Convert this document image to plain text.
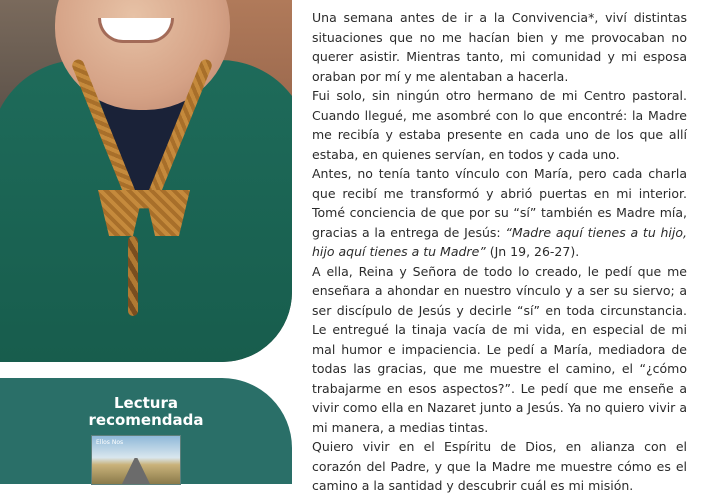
Lectura
recomendada
Ellos Nos

Una semana antes de ir a la Convivencia*, viví distintas situaciones que no me hacían bien y me provocaban no querer asistir. Mientras tanto, mi comunidad y mi esposa oraban por mí y me alentaban a hacerla.

Fui solo, sin ningún otro hermano de mi Centro pastoral. Cuando llegué, me asombré con lo que encontré: la Madre me recibía y estaba presente en cada uno de los que allí estaba, en quienes servían, en todos y cada uno.

Antes, no tenía tanto vínculo con María, pero cada charla que recibí me transformó y abrió puertas en mi interior. Tomé conciencia de que por su “sí” también es Madre mía, gracias a la entrega de Jesús: “Madre aquí tienes a tu hijo, hijo aquí tienes a tu Madre” (Jn 19, 26-27).

A ella, Reina y Señora de todo lo creado, le pedí que me enseñara a ahondar en nuestro vínculo y a ser su siervo; a ser discípulo de Jesús y decirle “sí” en toda circunstancia. Le entregué la tinaja vacía de mi vida, en especial de mi mal humor e impaciencia. Le pedí a María, mediadora de todas las gracias, que me muestre el camino, el “¿cómo trabajarme en esos aspectos?”. Le pedí que me enseñe a vivir como ella en Nazaret junto a Jesús. Ya no quiero vivir a mi manera, a medias tintas.

Quiero vivir en el Espíritu de Dios, en alianza con el corazón del Padre, y que la Madre me muestre cómo es el camino a la santidad y descubrir cuál es mi misión.
